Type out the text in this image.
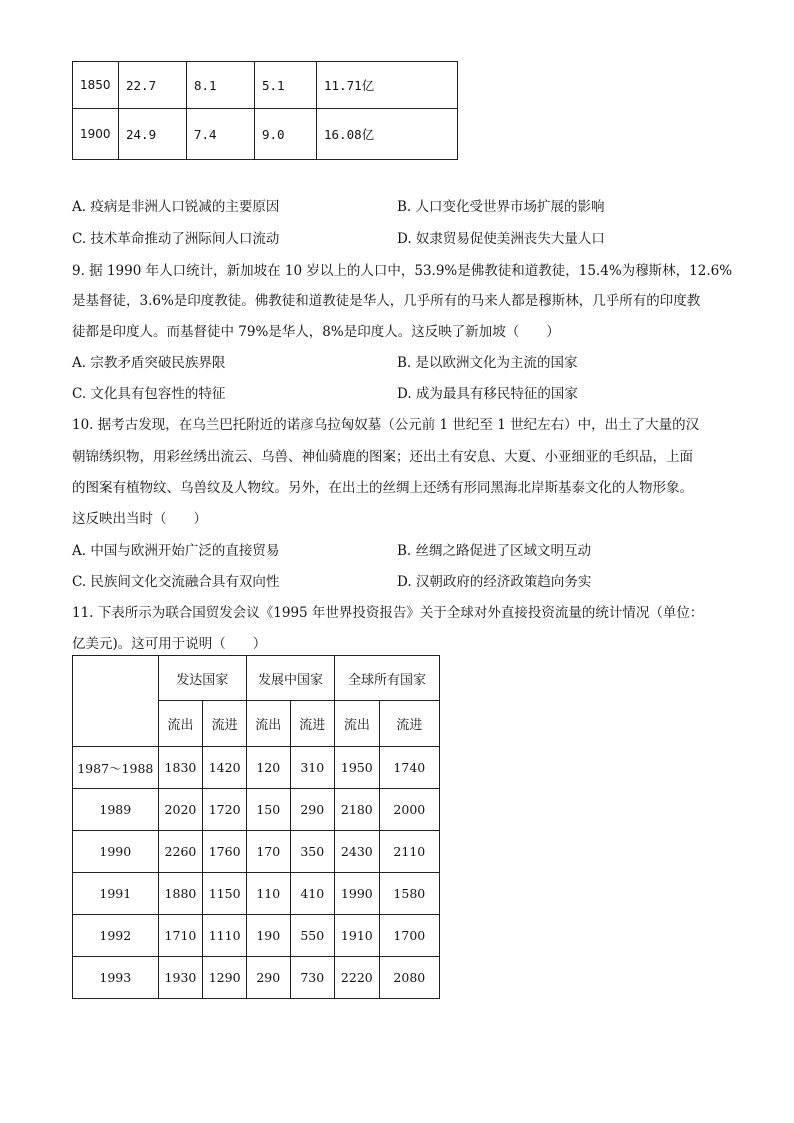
1850	22.7	8.1	5.1	11.71亿
1900	24.9	7.4	9.0	16.08亿
A. 疫病是非洲人口锐减的主要原因	B. 人口变化受世界市场扩展的影响
C. 技术革命推动了洲际间人口流动	D. 奴隶贸易促使美洲丧失大量人口
9. 据 1990 年人口统计，新加坡在 10 岁以上的人口中，53.9%是佛教徒和道教徒，15.4%为穆斯林，12.6%
是基督徒，3.6%是印度教徒。佛教徒和道教徒是华人，几乎所有的马来人都是穆斯林，几乎所有的印度教
徒都是印度人。而基督徒中 79%是华人，8%是印度人。这反映了新加坡（　　）
A. 宗教矛盾突破民族界限	B. 是以欧洲文化为主流的国家
C. 文化具有包容性的特征	D. 成为最具有移民特征的国家
10. 据考古发现，在乌兰巴托附近的诺彦乌拉匈奴墓（公元前 1 世纪至 1 世纪左右）中，出土了大量的汉
朝锦绣织物，用彩丝绣出流云、乌兽、神仙骑鹿的图案；还出土有安息、大夏、小亚细亚的毛织品，上面
的图案有植物纹、乌兽纹及人物纹。另外，在出土的丝绸上还绣有形同黑海北岸斯基泰文化的人物形象。
这反映出当时（　　）
A. 中国与欧洲开始广泛的直接贸易	B. 丝绸之路促进了区域文明互动
C. 民族间文化交流融合具有双向性	D. 汉朝政府的经济政策趋向务实
11. 下表所示为联合国贸发会议《1995 年世界投资报告》关于全球对外直接投资流量的统计情况（单位：
亿美元)。这可用于说明（　　）
	发达国家		发展中国家		全球所有国家	
	流出	流进	流出	流进	流出	流进
1987～1988	1830	1420	120	310	1950	1740
1989	2020	1720	150	290	2180	2000
1990	2260	1760	170	350	2430	2110
1991	1880	1150	110	410	1990	1580
1992	1710	1110	190	550	1910	1700
1993	1930	1290	290	730	2220	2080
